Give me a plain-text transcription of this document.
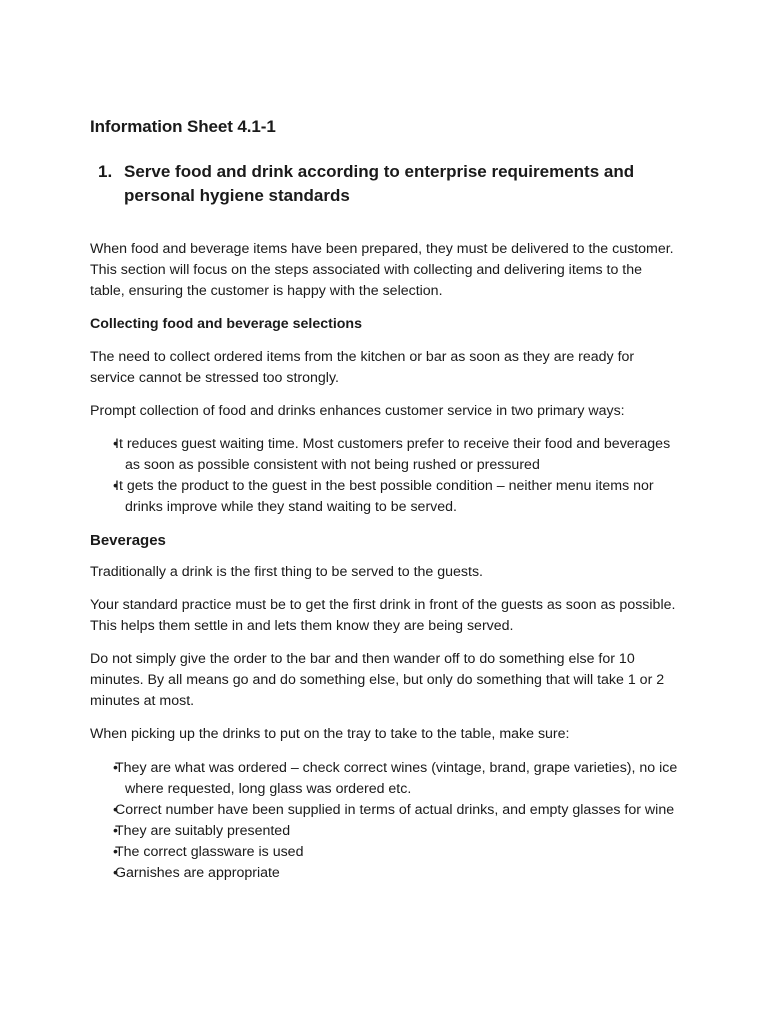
Information Sheet 4.1-1
1. Serve food and drink according to enterprise requirements and personal hygiene standards

When food and beverage items have been prepared, they must be delivered to the customer. This section will focus on the steps associated with collecting and delivering items to the table, ensuring the customer is happy with the selection.

Collecting food and beverage selections

The need to collect ordered items from the kitchen or bar as soon as they are ready for service cannot be stressed too strongly.

Prompt collection of food and drinks enhances customer service in two primary ways:

• It reduces guest waiting time. Most customers prefer to receive their food and beverages as soon as possible consistent with not being rushed or pressured
• It gets the product to the guest in the best possible condition – neither menu items nor drinks improve while they stand waiting to be served.

Beverages

Traditionally a drink is the first thing to be served to the guests.

Your standard practice must be to get the first drink in front of the guests as soon as possible. This helps them settle in and lets them know they are being served.

Do not simply give the order to the bar and then wander off to do something else for 10 minutes. By all means go and do something else, but only do something that will take 1 or 2 minutes at most.

When picking up the drinks to put on the tray to take to the table, make sure:

• They are what was ordered – check correct wines (vintage, brand, grape varieties), no ice where requested, long glass was ordered etc.
• Correct number have been supplied in terms of actual drinks, and empty glasses for wine
• They are suitably presented
• The correct glassware is used
• Garnishes are appropriate
